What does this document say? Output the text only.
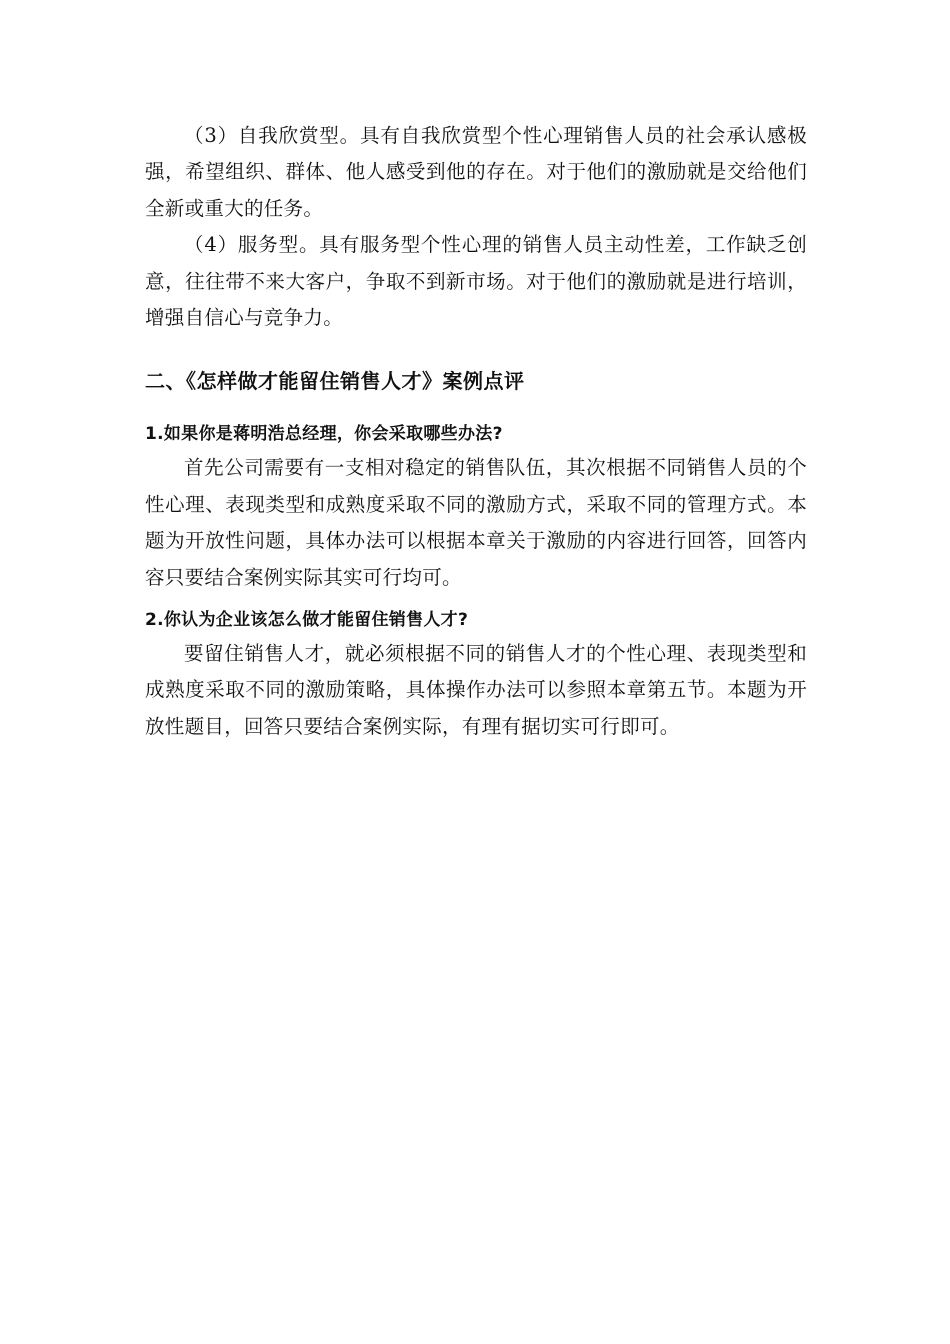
（3）自我欣赏型。具有自我欣赏型个性心理销售人员的社会承认感极强，希望组织、群体、他人感受到他的存在。对于他们的激励就是交给他们全新或重大的任务。

（4）服务型。具有服务型个性心理的销售人员主动性差，工作缺乏创意，往往带不来大客户，争取不到新市场。对于他们的激励就是进行培训，增强自信心与竞争力。

二、《怎样做才能留住销售人才》案例点评
1.如果你是蒋明浩总经理，你会采取哪些办法?

首先公司需要有一支相对稳定的销售队伍，其次根据不同销售人员的个性心理、表现类型和成熟度采取不同的激励方式，采取不同的管理方式。本题为开放性问题，具体办法可以根据本章关于激励的内容进行回答，回答内容只要结合案例实际其实可行均可。

2.你认为企业该怎么做才能留住销售人才?

要留住销售人才，就必须根据不同的销售人才的个性心理、表现类型和成熟度采取不同的激励策略，具体操作办法可以参照本章第五节。本题为开放性题目，回答只要结合案例实际，有理有据切实可行即可。
